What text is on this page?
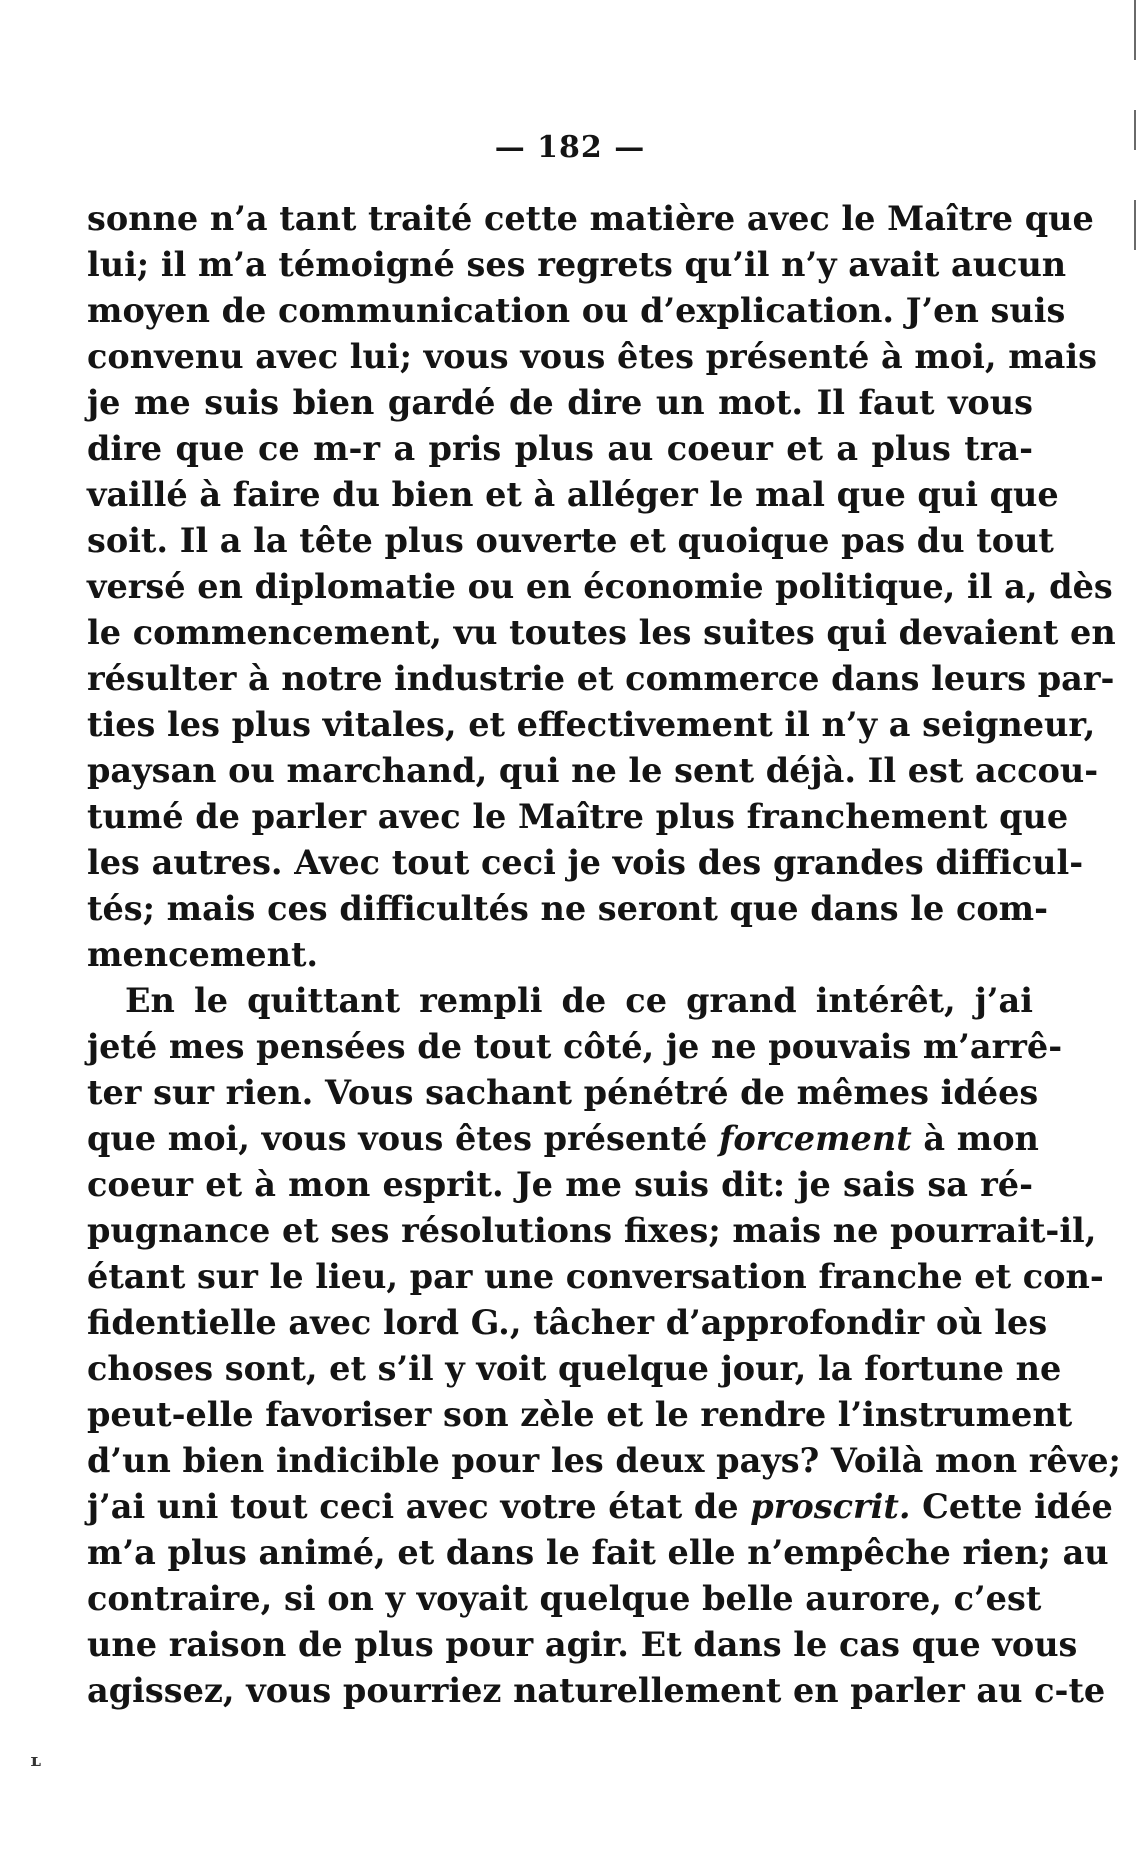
— 182 —
sonne n’a tant traité cette matière avec le Maître que
lui; il m’a témoigné ses regrets qu’il n’y avait aucun
moyen de communication ou d’explication. J’en suis
convenu avec lui; vous vous êtes présenté à moi, mais
je me suis bien gardé de dire un mot. Il faut vous
dire que ce m-r a pris plus au coeur et a plus tra-
vaillé à faire du bien et à alléger le mal que qui que
soit. Il a la tête plus ouverte et quoique pas du tout
versé en diplomatie ou en économie politique, il a, dès
le commencement, vu toutes les suites qui devaient en
résulter à notre industrie et commerce dans leurs par-
ties les plus vitales, et effectivement il n’y a seigneur,
paysan ou marchand, qui ne le sent déjà. Il est accou-
tumé de parler avec le Maître plus franchement que
les autres. Avec tout ceci je vois des grandes difficul-
tés; mais ces difficultés ne seront que dans le com-
mencement.
En le quittant rempli de ce grand intérêt, j’ai
jeté mes pensées de tout côté, je ne pouvais m’arrê-
ter sur rien. Vous sachant pénétré de mêmes idées
que moi, vous vous êtes présenté forcement à mon
coeur et à mon esprit. Je me suis dit: je sais sa ré-
pugnance et ses résolutions fixes; mais ne pourrait-il,
étant sur le lieu, par une conversation franche et con-
fidentielle avec lord G., tâcher d’approfondir où les
choses sont, et s’il y voit quelque jour, la fortune ne
peut-elle favoriser son zèle et le rendre l’instrument
d’un bien indicible pour les deux pays? Voilà mon rêve;
j’ai uni tout ceci avec votre état de proscrit. Cette idée
m’a plus animé, et dans le fait elle n’empêche rien; au
contraire, si on y voyait quelque belle aurore, c’est
une raison de plus pour agir. Et dans le cas que vous
agissez, vous pourriez naturellement en parler au c-te
ʟ
